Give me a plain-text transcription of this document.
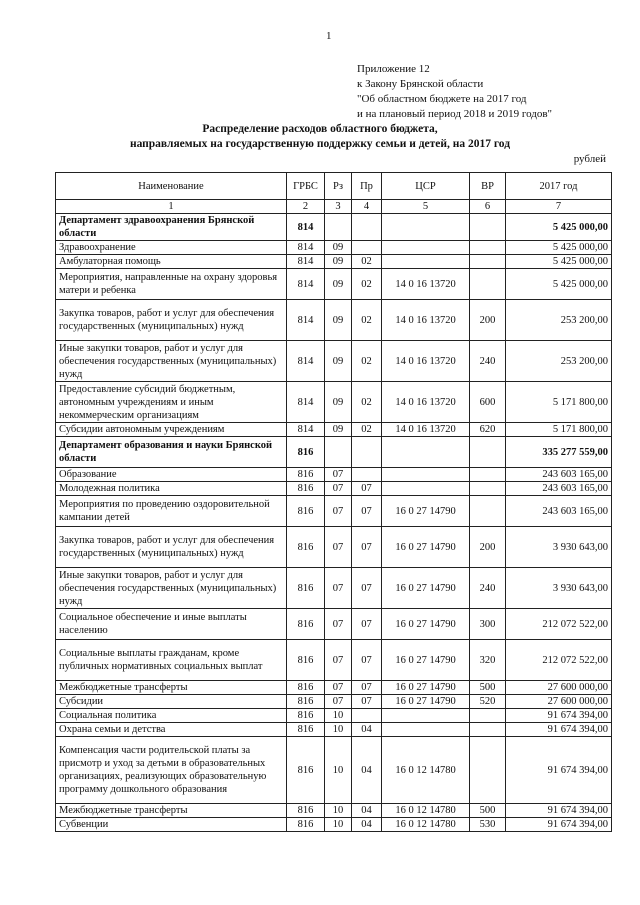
1
Приложение 12
к Закону Брянской области
"Об областном бюджете на 2017 год
и на плановый период 2018 и 2019 годов"
Распределение расходов областного бюджета,
направляемых на государственную поддержку семьи и детей, на 2017 год
рублей
Наименование	ГРБС	Рз	Пр	ЦСР	ВР	2017 год
1	2	3	4	5	6	7
Департамент здравоохранения Брянской области	814					5 425 000,00
Здравоохранение	814	09				5 425 000,00
Амбулаторная помощь	814	09	02			5 425 000,00
Мероприятия, направленные на охрану здоровья матери и ребенка	814	09	02	14 0 16 13720		5 425 000,00
Закупка товаров, работ и услуг для обеспечения государственных (муниципальных) нужд	814	09	02	14 0 16 13720	200	253 200,00
Иные закупки товаров, работ и услуг для обеспечения государственных (муниципальных) нужд	814	09	02	14 0 16 13720	240	253 200,00
Предоставление субсидий бюджетным, автономным учреждениям и иным некоммерческим организациям	814	09	02	14 0 16 13720	600	5 171 800,00
Субсидии автономным учреждениям	814	09	02	14 0 16 13720	620	5 171 800,00
Департамент образования и науки Брянской области	816					335 277 559,00
Образование	816	07				243 603 165,00
Молодежная политика	816	07	07			243 603 165,00
Мероприятия по проведению оздоровительной кампании детей	816	07	07	16 0 27 14790		243 603 165,00
Закупка товаров, работ и услуг для обеспечения государственных (муниципальных) нужд	816	07	07	16 0 27 14790	200	3 930 643,00
Иные закупки товаров, работ и услуг для обеспечения государственных (муниципальных) нужд	816	07	07	16 0 27 14790	240	3 930 643,00
Социальное обеспечение и иные выплаты населению	816	07	07	16 0 27 14790	300	212 072 522,00
Социальные выплаты гражданам, кроме публичных нормативных социальных выплат	816	07	07	16 0 27 14790	320	212 072 522,00
Межбюджетные трансферты	816	07	07	16 0 27 14790	500	27 600 000,00
Субсидии	816	07	07	16 0 27 14790	520	27 600 000,00
Социальная политика	816	10				91 674 394,00
Охрана семьи и детства	816	10	04			91 674 394,00
Компенсация части родительской платы за присмотр и уход за детьми в образовательных организациях, реализующих образовательную программу дошкольного образования	816	10	04	16 0 12 14780		91 674 394,00
Межбюджетные трансферты	816	10	04	16 0 12 14780	500	91 674 394,00
Субвенции	816	10	04	16 0 12 14780	530	91 674 394,00
